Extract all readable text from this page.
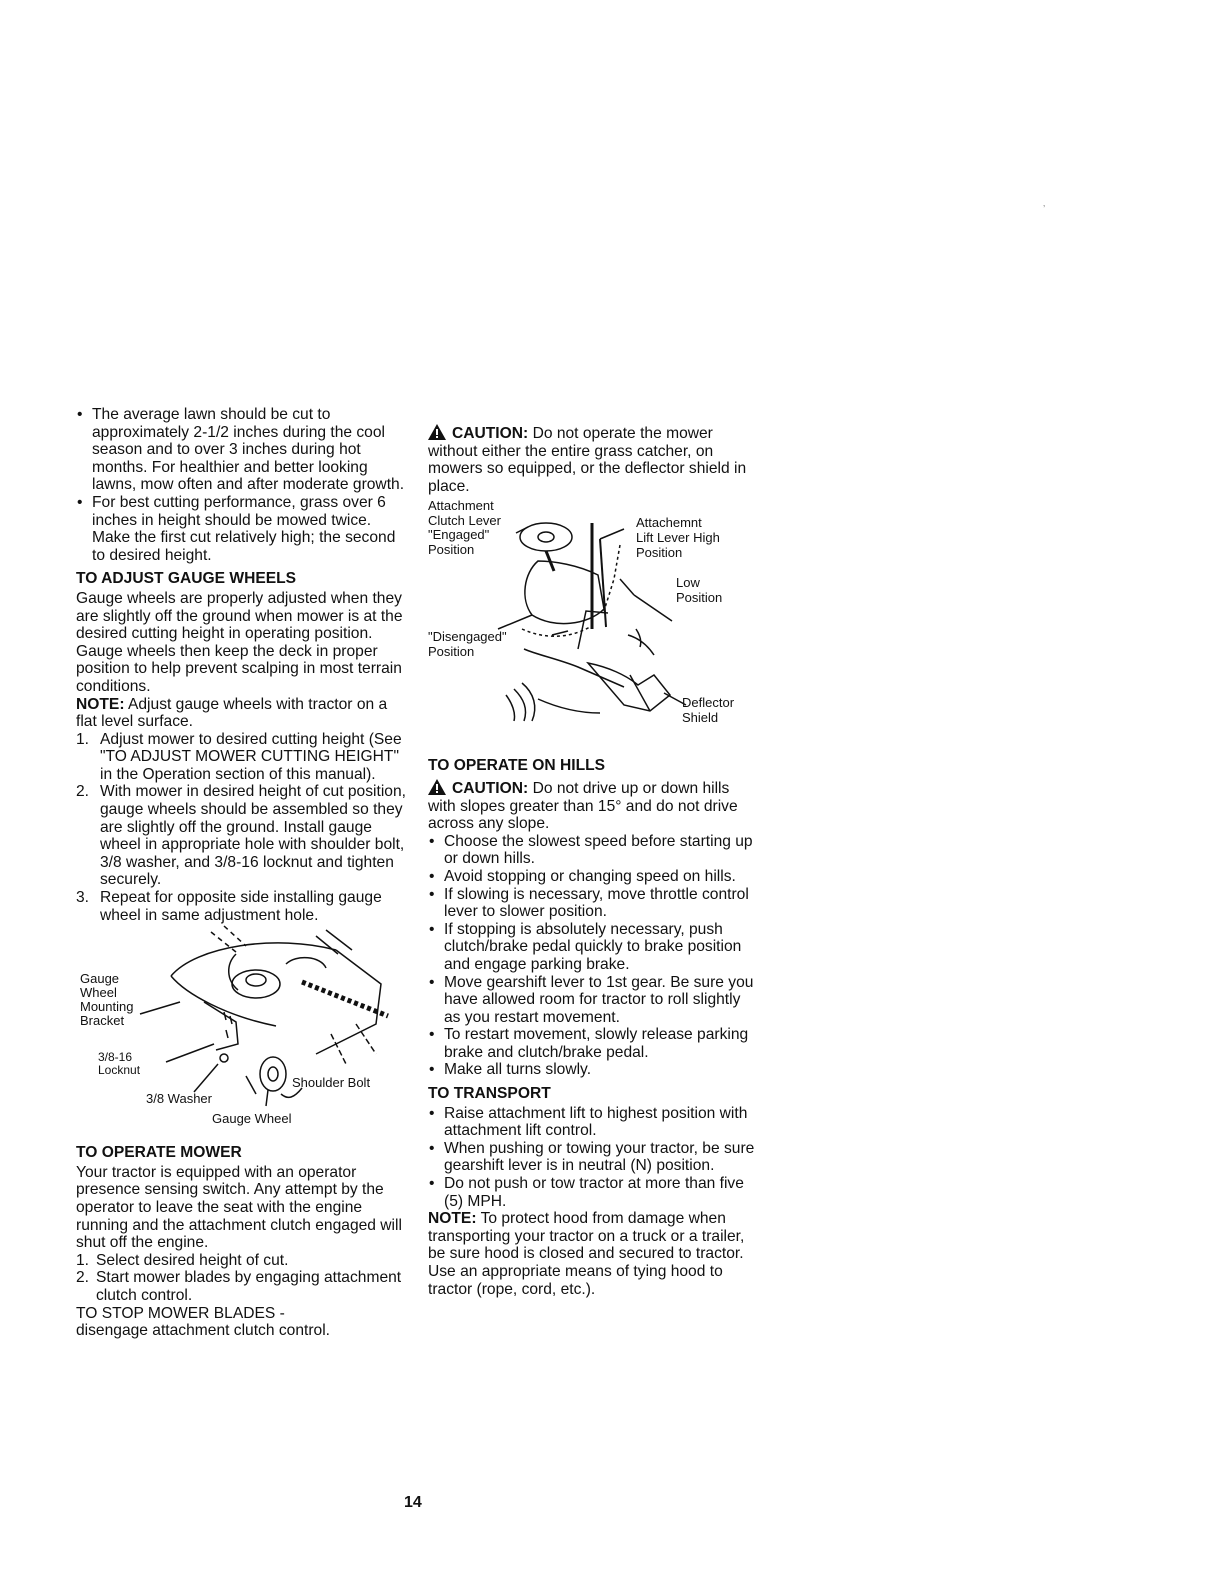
• The average lawn should be cut to approximately 2-1/2 inches during the cool season and to over 3 inches during hot months. For healthier and better looking lawns, mow often and after moderate growth.
• For best cutting performance, grass over 6 inches in height should be mowed twice. Make the first cut relatively high; the second to desired height.
TO ADJUST GAUGE WHEELS

Gauge wheels are properly adjusted when they are slightly off the ground when mower is at the desired cutting height in operating position. Gauge wheels then keep the deck in proper position to help prevent scalping in most terrain conditions.

NOTE: Adjust gauge wheels with tractor on a flat level surface.

1. Adjust mower to desired cutting height (See "TO ADJUST MOWER CUTTING HEIGHT" in the Operation section of this manual).
2. With mower in desired height of cut position, gauge wheels should be assembled so they are slightly off the ground. Install gauge wheel in appropriate hole with shoulder bolt, 3/8 washer, and 3/8-16 locknut and tighten securely.
3. Repeat for opposite side installing gauge wheel in same adjustment hole.
Gauge
Wheel
Mounting
Bracket
3/8-16
Locknut
3/8 Washer
Shoulder Bolt
Gauge Wheel
TO OPERATE MOWER

Your tractor is equipped with an operator presence sensing switch. Any attempt by the operator to leave the seat with the engine running and the attachment clutch engaged will shut off the engine.

1. Select desired height of cut.
2. Start mower blades by engaging attachment clutch control.

TO STOP MOWER BLADES -

disengage attachment clutch control.

CAUTION: Do not operate the mower without either the entire grass catcher, on mowers so equipped, or the deflector shield in place.

Attachment
Clutch Lever
"Engaged"
Position
Attachemnt
Lift Lever High
Position
Low
Position
"Disengaged"
Position
Deflector
Shield
TO OPERATE ON HILLS

CAUTION: Do not drive up or down hills with slopes greater than 15° and do not drive across any slope.

• Choose the slowest speed before starting up or down hills.
• Avoid stopping or changing speed on hills.
• If slowing is necessary, move throttle control lever to slower position.
• If stopping is absolutely necessary, push clutch/brake pedal quickly to brake position and engage parking brake.
• Move gearshift lever to 1st gear. Be sure you have allowed room for tractor to roll slightly as you restart movement.
• To restart movement, slowly release parking brake and clutch/brake pedal.
• Make all turns slowly.
TO TRANSPORT
• Raise attachment lift to highest position with attachment lift control.
• When pushing or towing your tractor, be sure gearshift lever is in neutral (N) position.
• Do not push or tow tractor at more than five (5) MPH.

NOTE: To protect hood from damage when transporting your tractor on a truck or a trailer, be sure hood is closed and secured to tractor. Use an appropriate means of tying hood to tractor (rope, cord, etc.).

’
14
